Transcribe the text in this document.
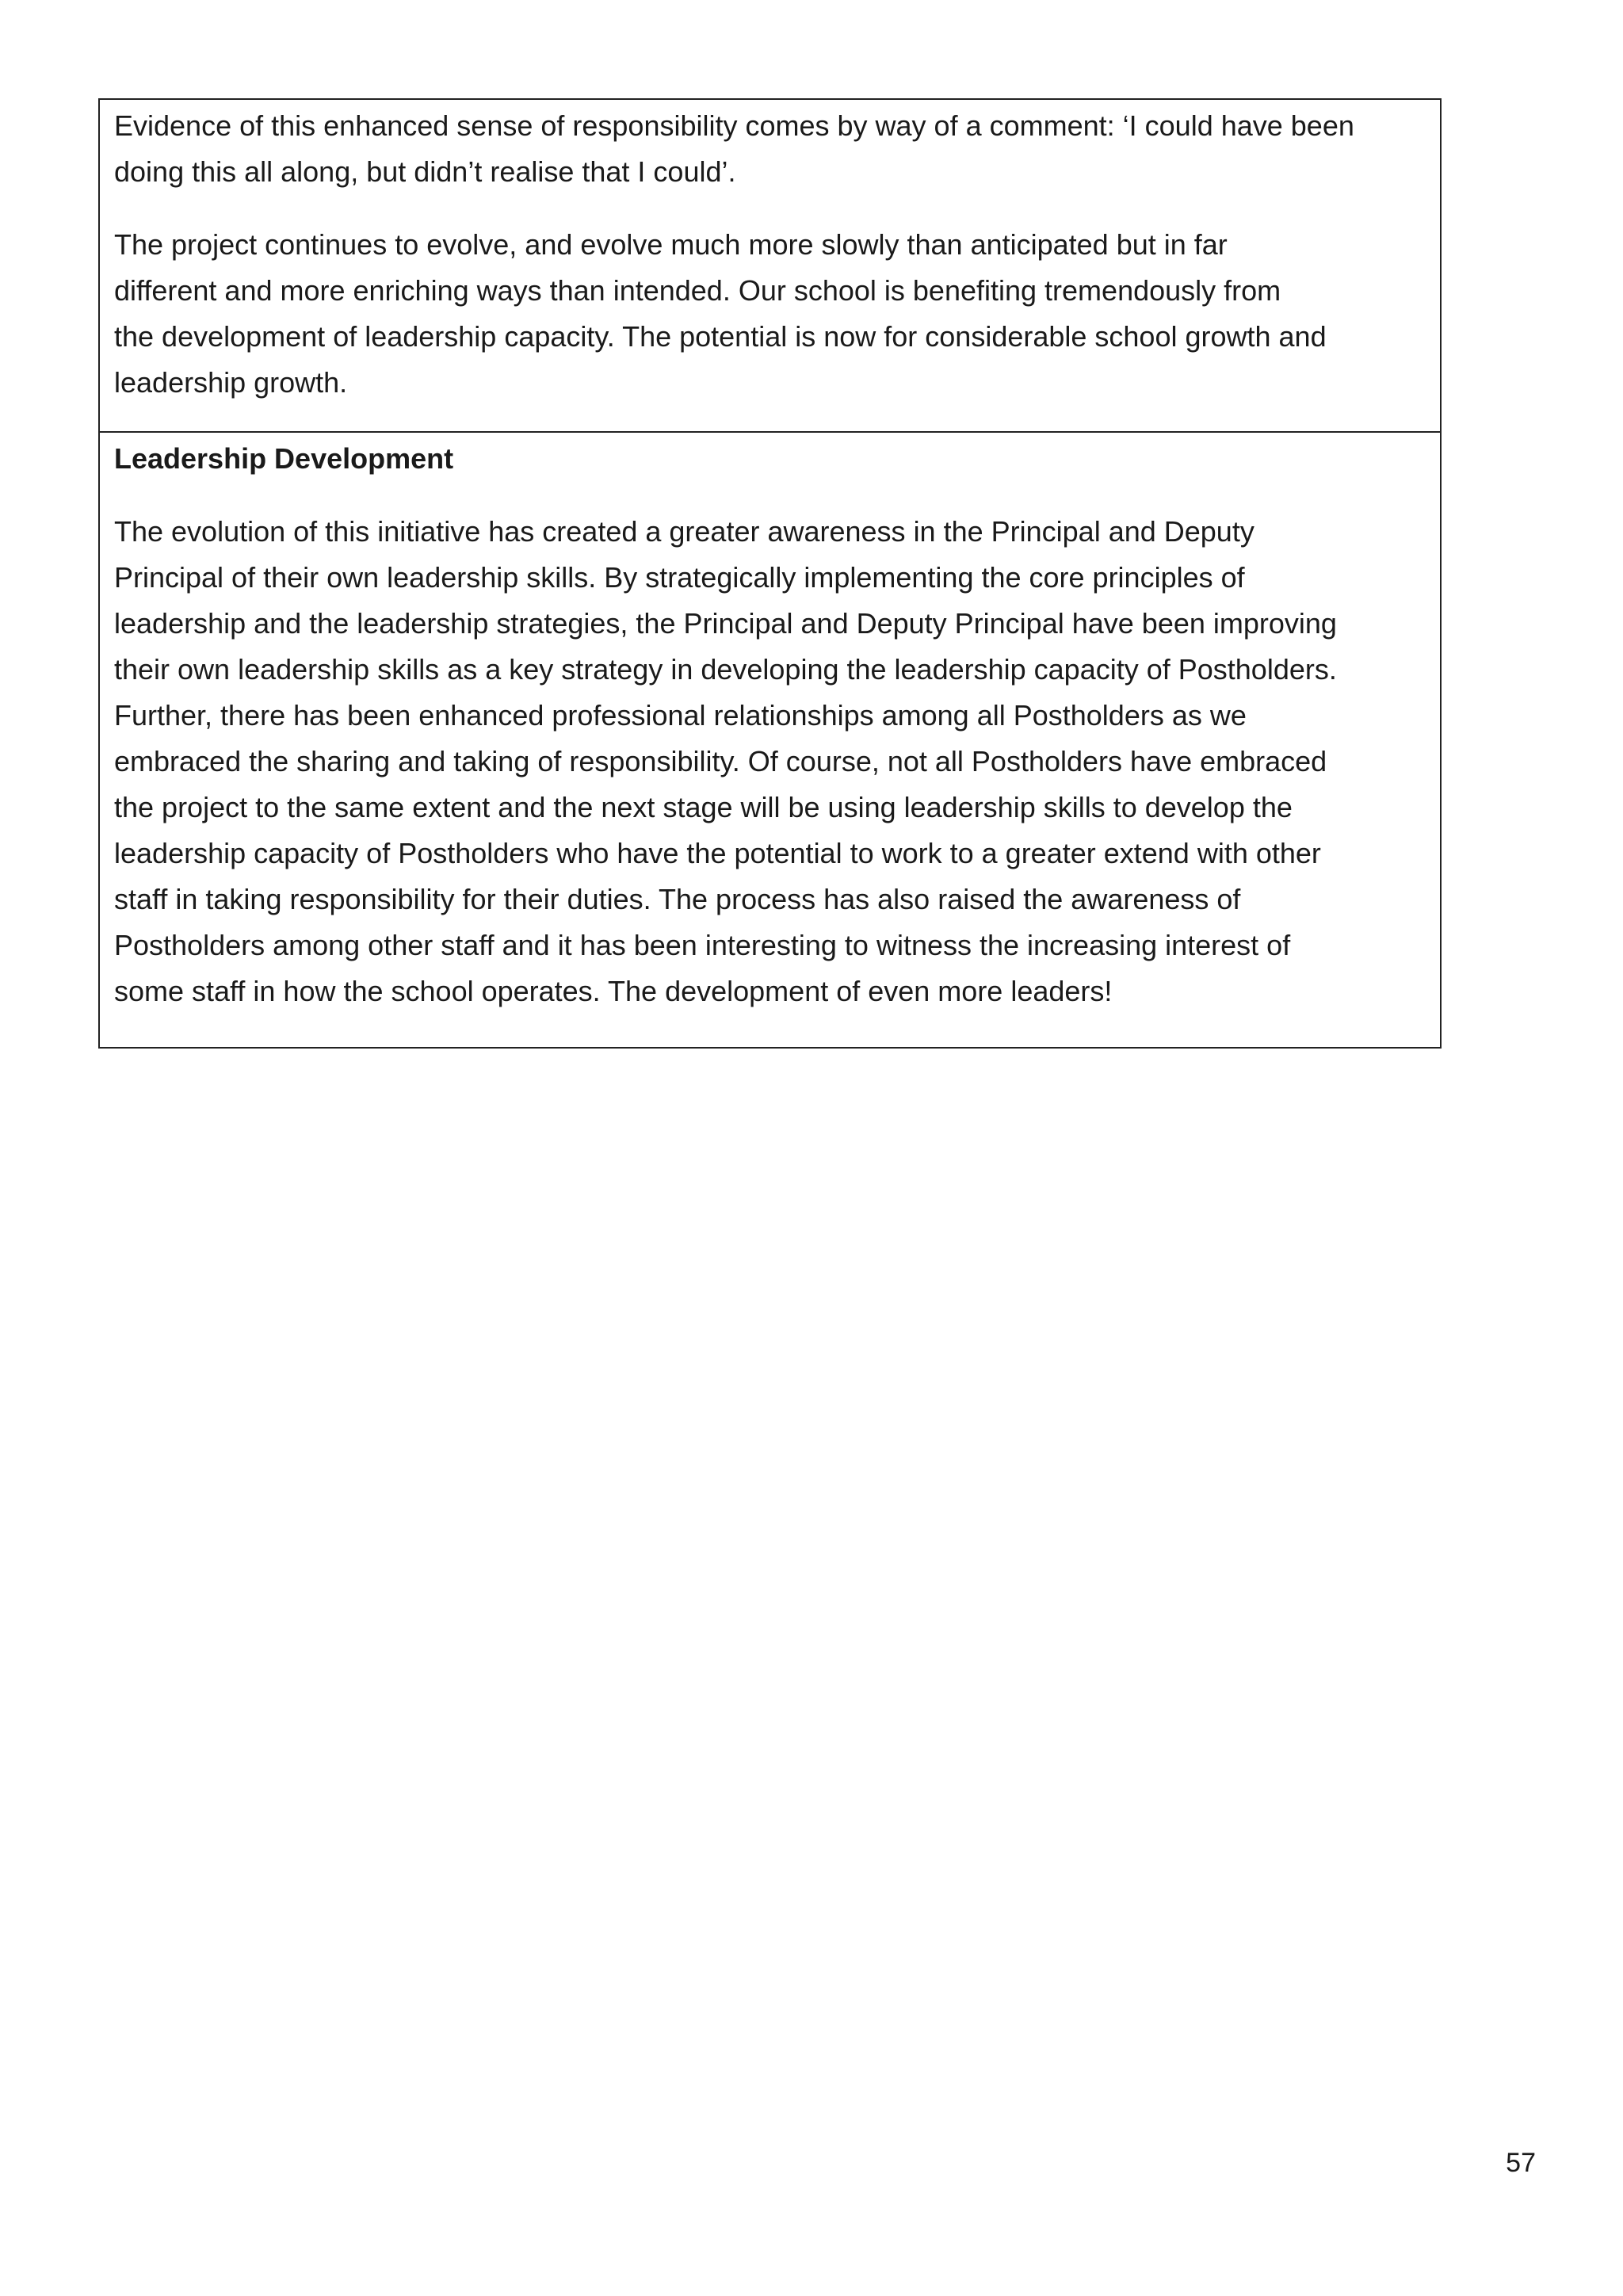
Evidence of this enhanced sense of responsibility comes by way of a comment: ‘I could have been
doing this all along, but didn’t realise that I could’.

The project continues to evolve, and evolve much more slowly than anticipated but in far
different and more enriching ways than intended. Our school is benefiting tremendously from
the development of leadership capacity. The potential is now for considerable school growth and
leadership growth.

Leadership Development

The evolution of this initiative has created a greater awareness in the Principal and Deputy
Principal of their own leadership skills. By strategically implementing the core principles of
leadership and the leadership strategies, the Principal and Deputy Principal have been improving
their own leadership skills as a key strategy in developing the leadership capacity of Postholders.
Further, there has been enhanced professional relationships among all Postholders as we
embraced the sharing and taking of responsibility. Of course, not all Postholders have embraced
the project to the same extent and the next stage will be using leadership skills to develop the
leadership capacity of Postholders who have the potential to work to a greater extend with other
staff in taking responsibility for their duties. The process has also raised the awareness of
Postholders among other staff and it has been interesting to witness the increasing interest of
some staff in how the school operates. The development of even more leaders!

57
